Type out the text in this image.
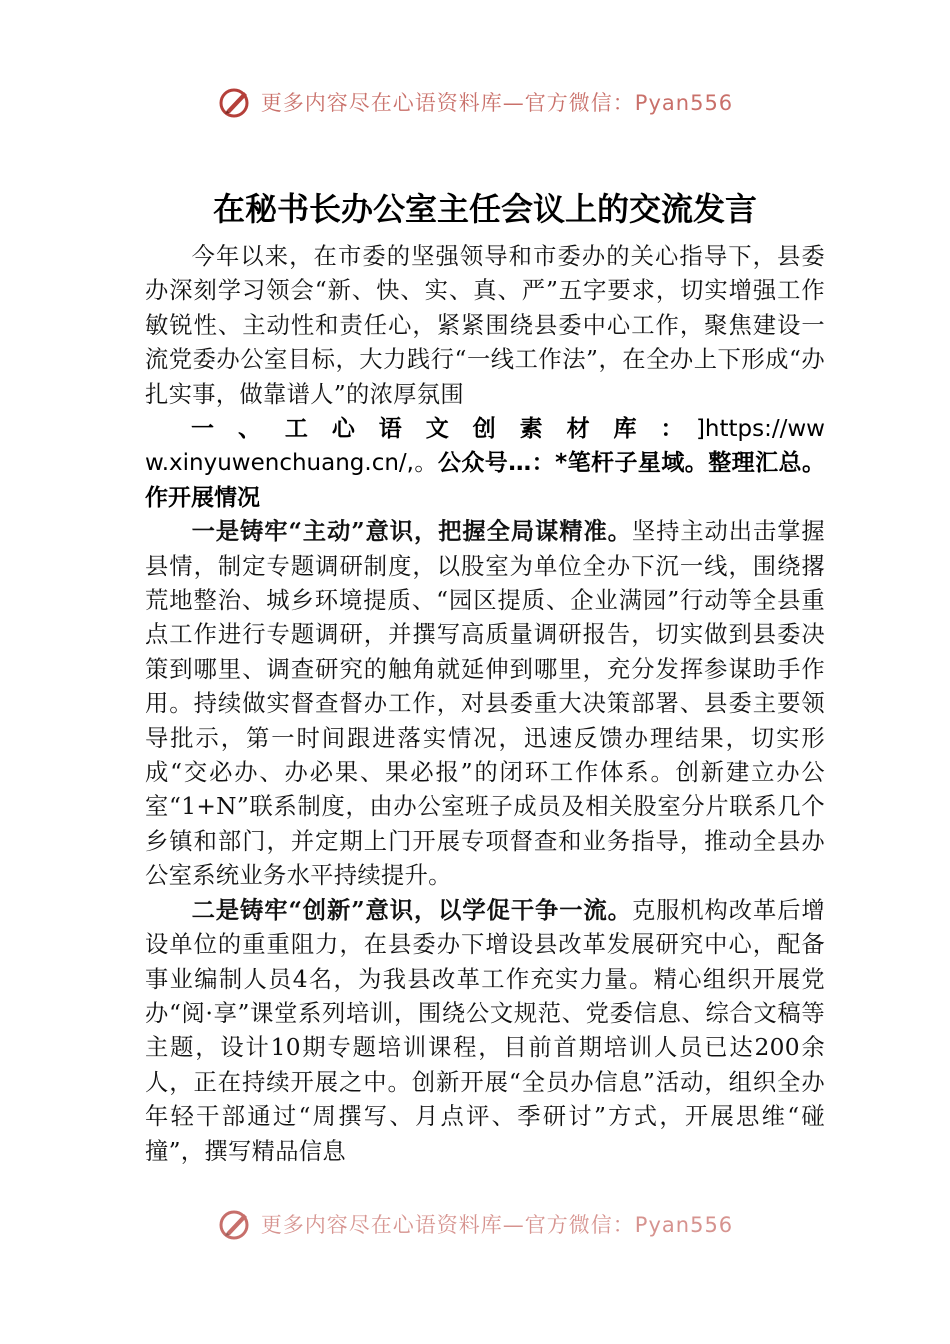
更多内容尽在心语资料库—官方微信：Pyan556
在秘书长办公室主任会议上的交流发言

今年以来，在市委的坚强领导和市委办的关心指导下，县委办深刻学习领会“新、快、实、真、严”五字要求，切实增强工作敏锐性、主动性和责任心，紧紧围绕县委中心工作，聚焦建设一流党委办公室目标，大力践行“一线工作法”，在全办上下形成“办扎实事，做靠谱人”的浓厚氛围

一、工心语文创素材库：]https://www.xinyuwenchuang.cn/,。公众号…：*笔杆子星域。整理汇总。作开展情况

一是铸牢“主动”意识，把握全局谋精准。坚持主动出击掌握县情，制定专题调研制度，以股室为单位全办下沉一线，围绕撂荒地整治、城乡环境提质、“园区提质、企业满园”行动等全县重点工作进行专题调研，并撰写高质量调研报告，切实做到县委决策到哪里、调查研究的触角就延伸到哪里，充分发挥参谋助手作用。持续做实督查督办工作，对县委重大决策部署、县委主要领导批示，第一时间跟进落实情况，迅速反馈办理结果，切实形成“交必办、办必果、果必报”的闭环工作体系。创新建立办公室“1+N”联系制度，由办公室班子成员及相关股室分片联系几个乡镇和部门，并定期上门开展专项督查和业务指导，推动全县办公室系统业务水平持续提升。

二是铸牢“创新”意识，以学促干争一流。克服机构改革后增设单位的重重阻力，在县委办下增设县改革发展研究中心，配备事业编制人员4名，为我县改革工作充实力量。精心组织开展党办“阅·享”课堂系列培训，围绕公文规范、党委信息、综合文稿等主题，设计10期专题培训课程，目前首期培训人员已达200余人，正在持续开展之中。创新开展“全员办信息”活动，组织全办年轻干部通过“周撰写、月点评、季研讨”方式，开展思维“碰撞”，撰写精品信息

更多内容尽在心语资料库—官方微信：Pyan556
